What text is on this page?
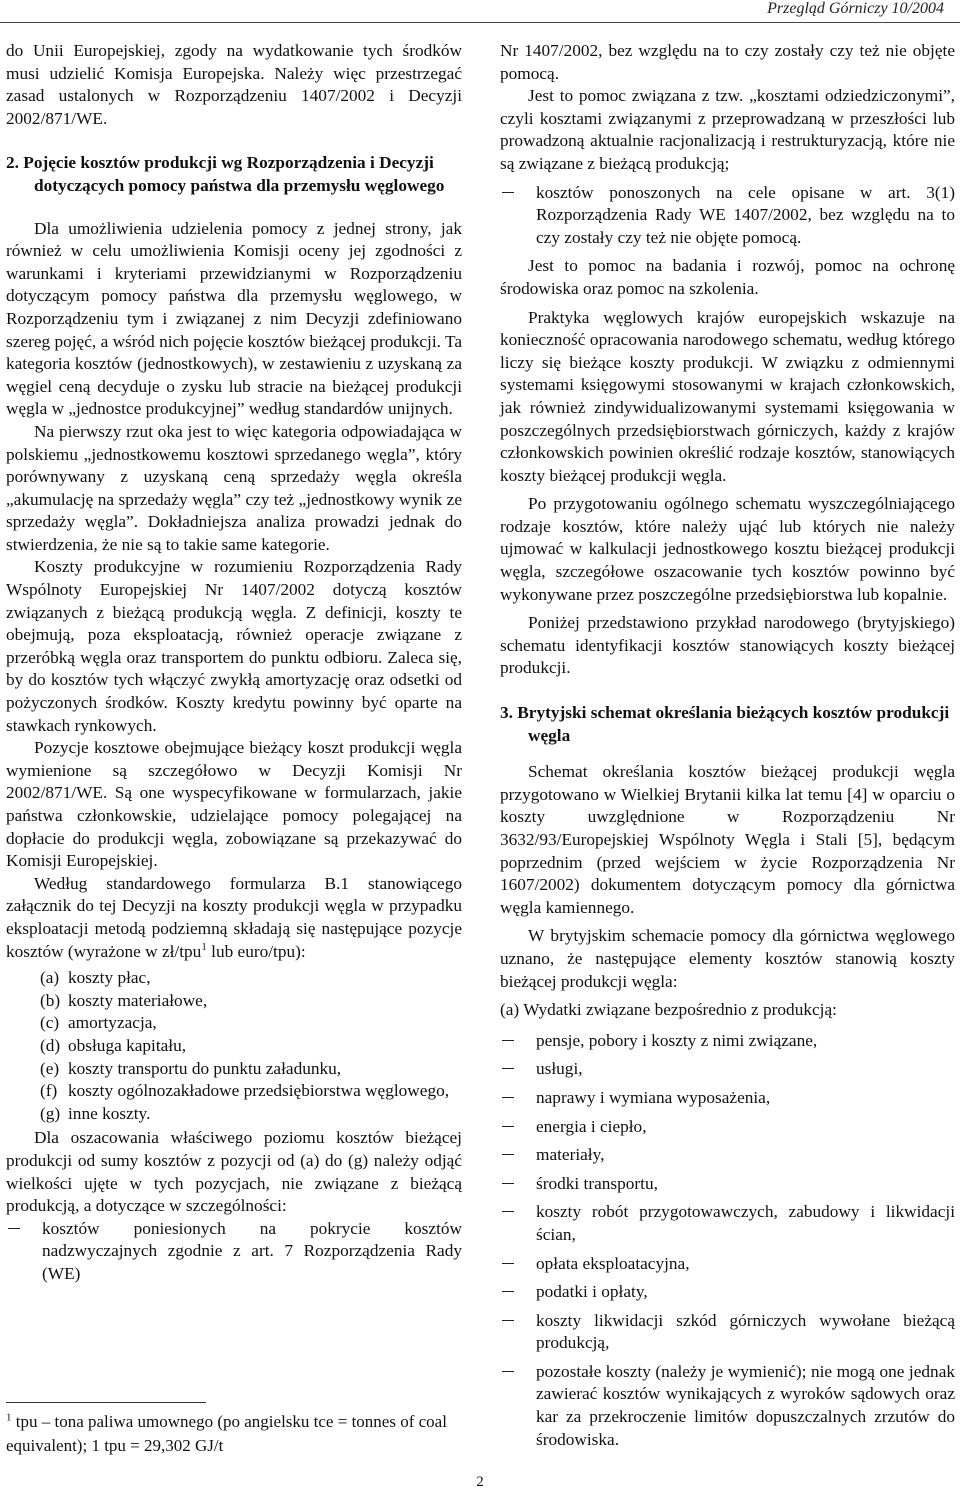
Przegląd Górniczy 10/2004

do Unii Europejskiej, zgody na wydatkowanie tych środków musi udzielić Komisja Europejska. Należy więc przestrzegać zasad ustalonych w Rozporządzeniu 1407/2002 i Decyzji 2002/871/WE.

2. Pojęcie kosztów produkcji wg Rozporządzenia i Decyzji dotyczących pomocy państwa dla przemysłu węglowego

Dla umożliwienia udzielenia pomocy z jednej strony, jak również w celu umożliwienia Komisji oceny jej zgodności z warunkami i kryteriami przewidzianymi w Rozporządzeniu dotyczącym pomocy państwa dla przemysłu węglowego, w Rozporządzeniu tym i związanej z nim Decyzji zdefiniowano szereg pojęć, a wśród nich pojęcie kosztów bieżącej produkcji. Ta kategoria kosztów (jednostkowych), w zestawieniu z uzyskaną za węgiel ceną decyduje o zysku lub stracie na bieżącej produkcji węgla w „jednostce produkcyjnej” według standardów unijnych.

Na pierwszy rzut oka jest to więc kategoria odpowiadająca w polskiemu „jednostkowemu kosztowi sprzedanego węgla”, który porównywany z uzyskaną ceną sprzedaży węgla określa „akumulację na sprzedaży węgla” czy też „jednostkowy wynik ze sprzedaży węgla”. Dokładniejsza analiza prowadzi jednak do stwierdzenia, że nie są to takie same kategorie.

Koszty produkcyjne w rozumieniu Rozporządzenia Rady Wspólnoty Europejskiej Nr 1407/2002 dotyczą kosztów związanych z bieżącą produkcją węgla. Z definicji, koszty te obejmują, poza eksploatacją, również operacje związane z przeróbką węgla oraz transportem do punktu odbioru. Zaleca się, by do kosztów tych włączyć zwykłą amortyzację oraz odsetki od pożyczonych środków. Koszty kredytu powinny być oparte na stawkach rynkowych.

Pozycje kosztowe obejmujące bieżący koszt produkcji węgla wymienione są szczegółowo w Decyzji Komisji Nr 2002/871/WE. Są one wyspecyfikowane w formularzach, jakie państwa członkowskie, udzielające pomocy polegającej na dopłacie do produkcji węgla, zobowiązane są przekazywać do Komisji Europejskiej.

Według standardowego formularza B.1 stanowiącego załącznik do tej Decyzji na koszty produkcji węgla w przypadku eksploatacji metodą podziemną składają się następujące pozycje kosztów (wyrażone w zł/tpu$^1$ lub euro/tpu):

(a) koszty płac,
(b) koszty materiałowe,
(c) amortyzacja,
(d) obsługa kapitału,
(e) koszty transportu do punktu załadunku,
(f) koszty ogólnozakładowe przedsiębiorstwa węglowego,
(g) inne koszty.

Dla oszacowania właściwego poziomu kosztów bieżącej produkcji od sumy kosztów z pozycji od (a) do (g) należy odjąć wielkości ujęte w tych pozycjach, nie związane z bieżącą produkcją, a dotyczące w szczególności:

kosztów poniesionych na pokrycie kosztów nadzwyczajnych zgodnie z art. 7 Rozporządzenia Rady (WE)
$^1$ tpu – tona paliwa umownego (po angielsku tce = tonnes of coal equivalent); 1 tpu = 29,302 GJ/t

Nr 1407/2002, bez względu na to czy zostały czy też nie objęte pomocą.

Jest to pomoc związana z tzw. „kosztami odziedziczonymi”, czyli kosztami związanymi z przeprowadzaną w przeszłości lub prowadzoną aktualnie racjonalizacją i restrukturyzacją, które nie są związane z bieżącą produkcją;

kosztów ponoszonych na cele opisane w art. 3(1) Rozporządzenia Rady WE 1407/2002, bez względu na to czy zostały czy też nie objęte pomocą.

Jest to pomoc na badania i rozwój, pomoc na ochronę środowiska oraz pomoc na szkolenia.

Praktyka węglowych krajów europejskich wskazuje na konieczność opracowania narodowego schematu, według którego liczy się bieżące koszty produkcji. W związku z odmiennymi systemami księgowymi stosowanymi w krajach członkowskich, jak również zindywidualizowanymi systemami księgowania w poszczególnych przedsiębiorstwach górniczych, każdy z krajów członkowskich powinien określić rodzaje kosztów, stanowiących koszty bieżącej produkcji węgla.

Po przygotowaniu ogólnego schematu wyszczególniającego rodzaje kosztów, które należy ująć lub których nie należy ujmować w kalkulacji jednostkowego kosztu bieżącej produkcji węgla, szczegółowe oszacowanie tych kosztów powinno być wykonywane przez poszczególne przedsiębiorstwa lub kopalnie.

Poniżej przedstawiono przykład narodowego (brytyjskiego) schematu identyfikacji kosztów stanowiących koszty bieżącej produkcji.

3. Brytyjski schemat określania bieżących kosztów produkcji węgla

Schemat określania kosztów bieżącej produkcji węgla przygotowano w Wielkiej Brytanii kilka lat temu [4] w oparciu o koszty uwzględnione w Rozporządzeniu Nr 3632/93/Europejskiej Wspólnoty Węgla i Stali [5], będącym poprzednim (przed wejściem w życie Rozporządzenia Nr 1607/2002) dokumentem dotyczącym pomocy dla górnictwa węgla kamiennego.

W brytyjskim schemacie pomocy dla górnictwa węglowego uznano, że następujące elementy kosztów stanowią koszty bieżącej produkcji węgla:

(a) Wydatki związane bezpośrednio z produkcją:

pensje, pobory i koszty z nimi związane,
usługi,
naprawy i wymiana wyposażenia,
energia i ciepło,
materiały,
środki transportu,
koszty robót przygotowawczych, zabudowy i likwidacji ścian,
opłata eksploatacyjna,
podatki i opłaty,
koszty likwidacji szkód górniczych wywołane bieżącą produkcją,
pozostałe koszty (należy je wymienić); nie mogą one jednak zawierać kosztów wynikających z wyroków sądowych oraz kar za przekroczenie limitów dopuszczalnych zrzutów do środowiska.
2
